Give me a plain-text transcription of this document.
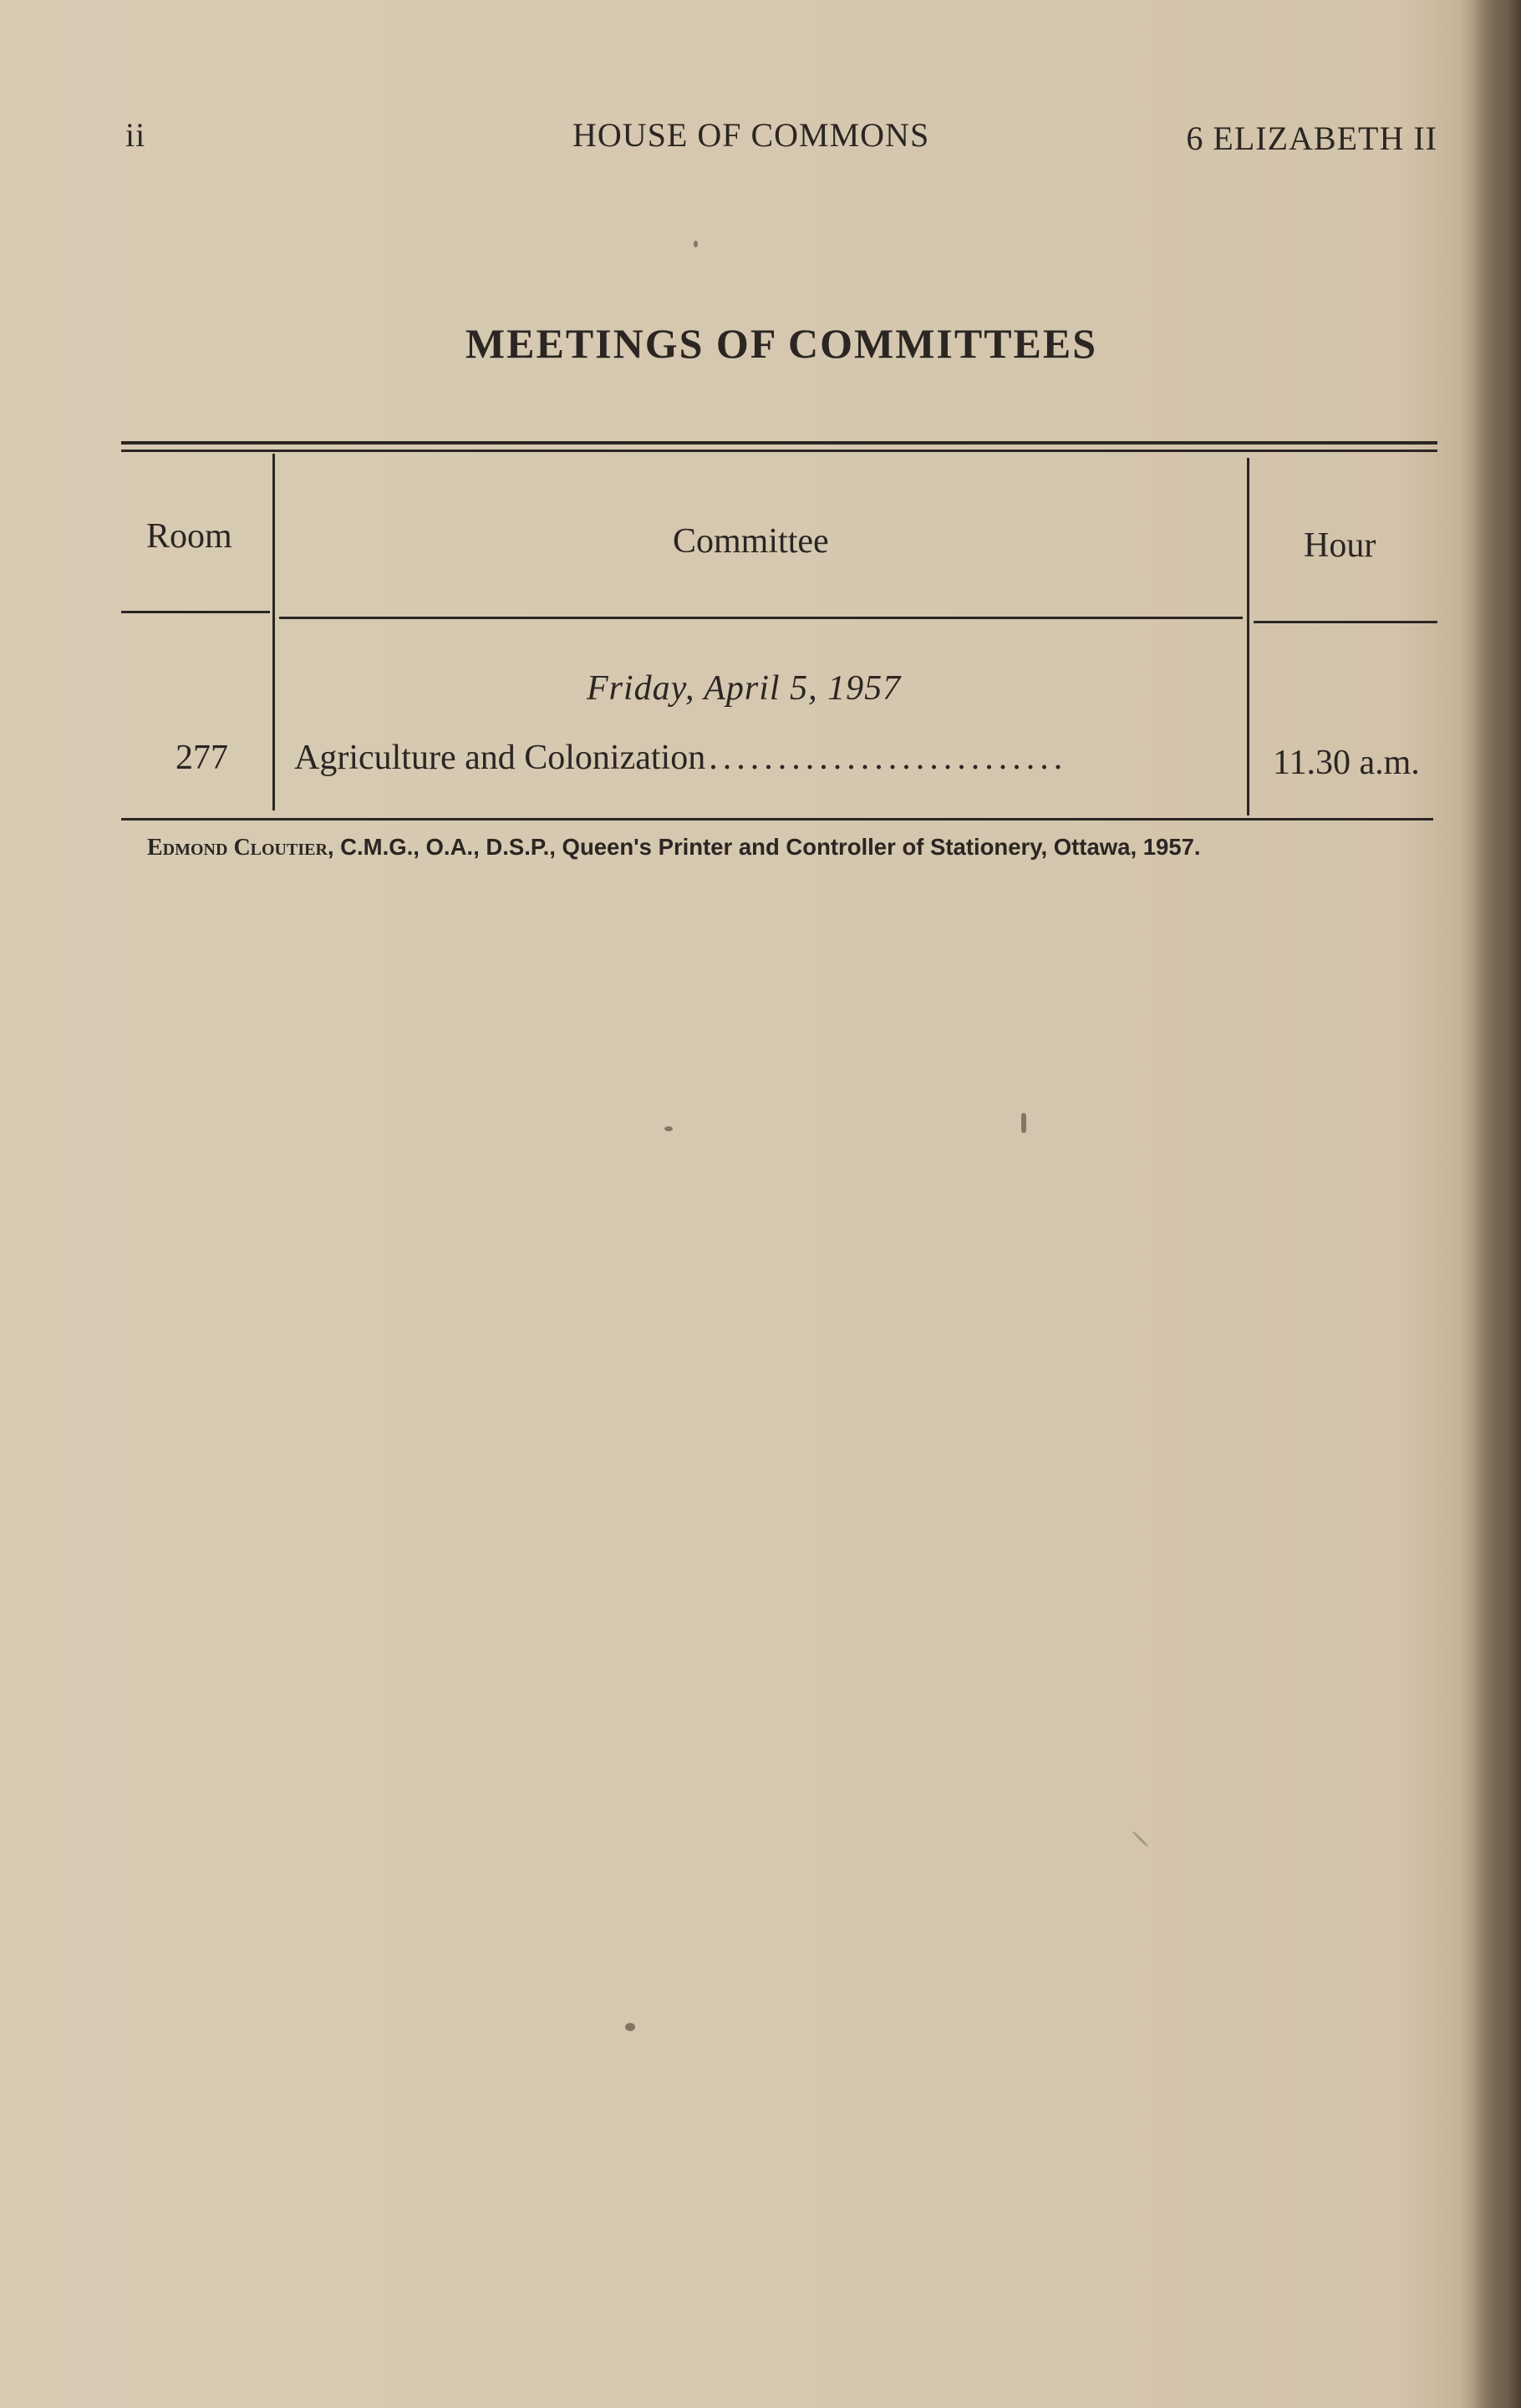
ii	HOUSE OF COMMONS	6 ELIZABETH II
MEETINGS OF COMMITTEES
Room	Committee	Hour
Friday, April 5, 1957
277 Agriculture and Colonization ..........................	11.30 a.m.
Edmond Cloutier, C.M.G., O.A., D.S.P., Queen's Printer and Controller of Stationery, Ottawa, 1957.
